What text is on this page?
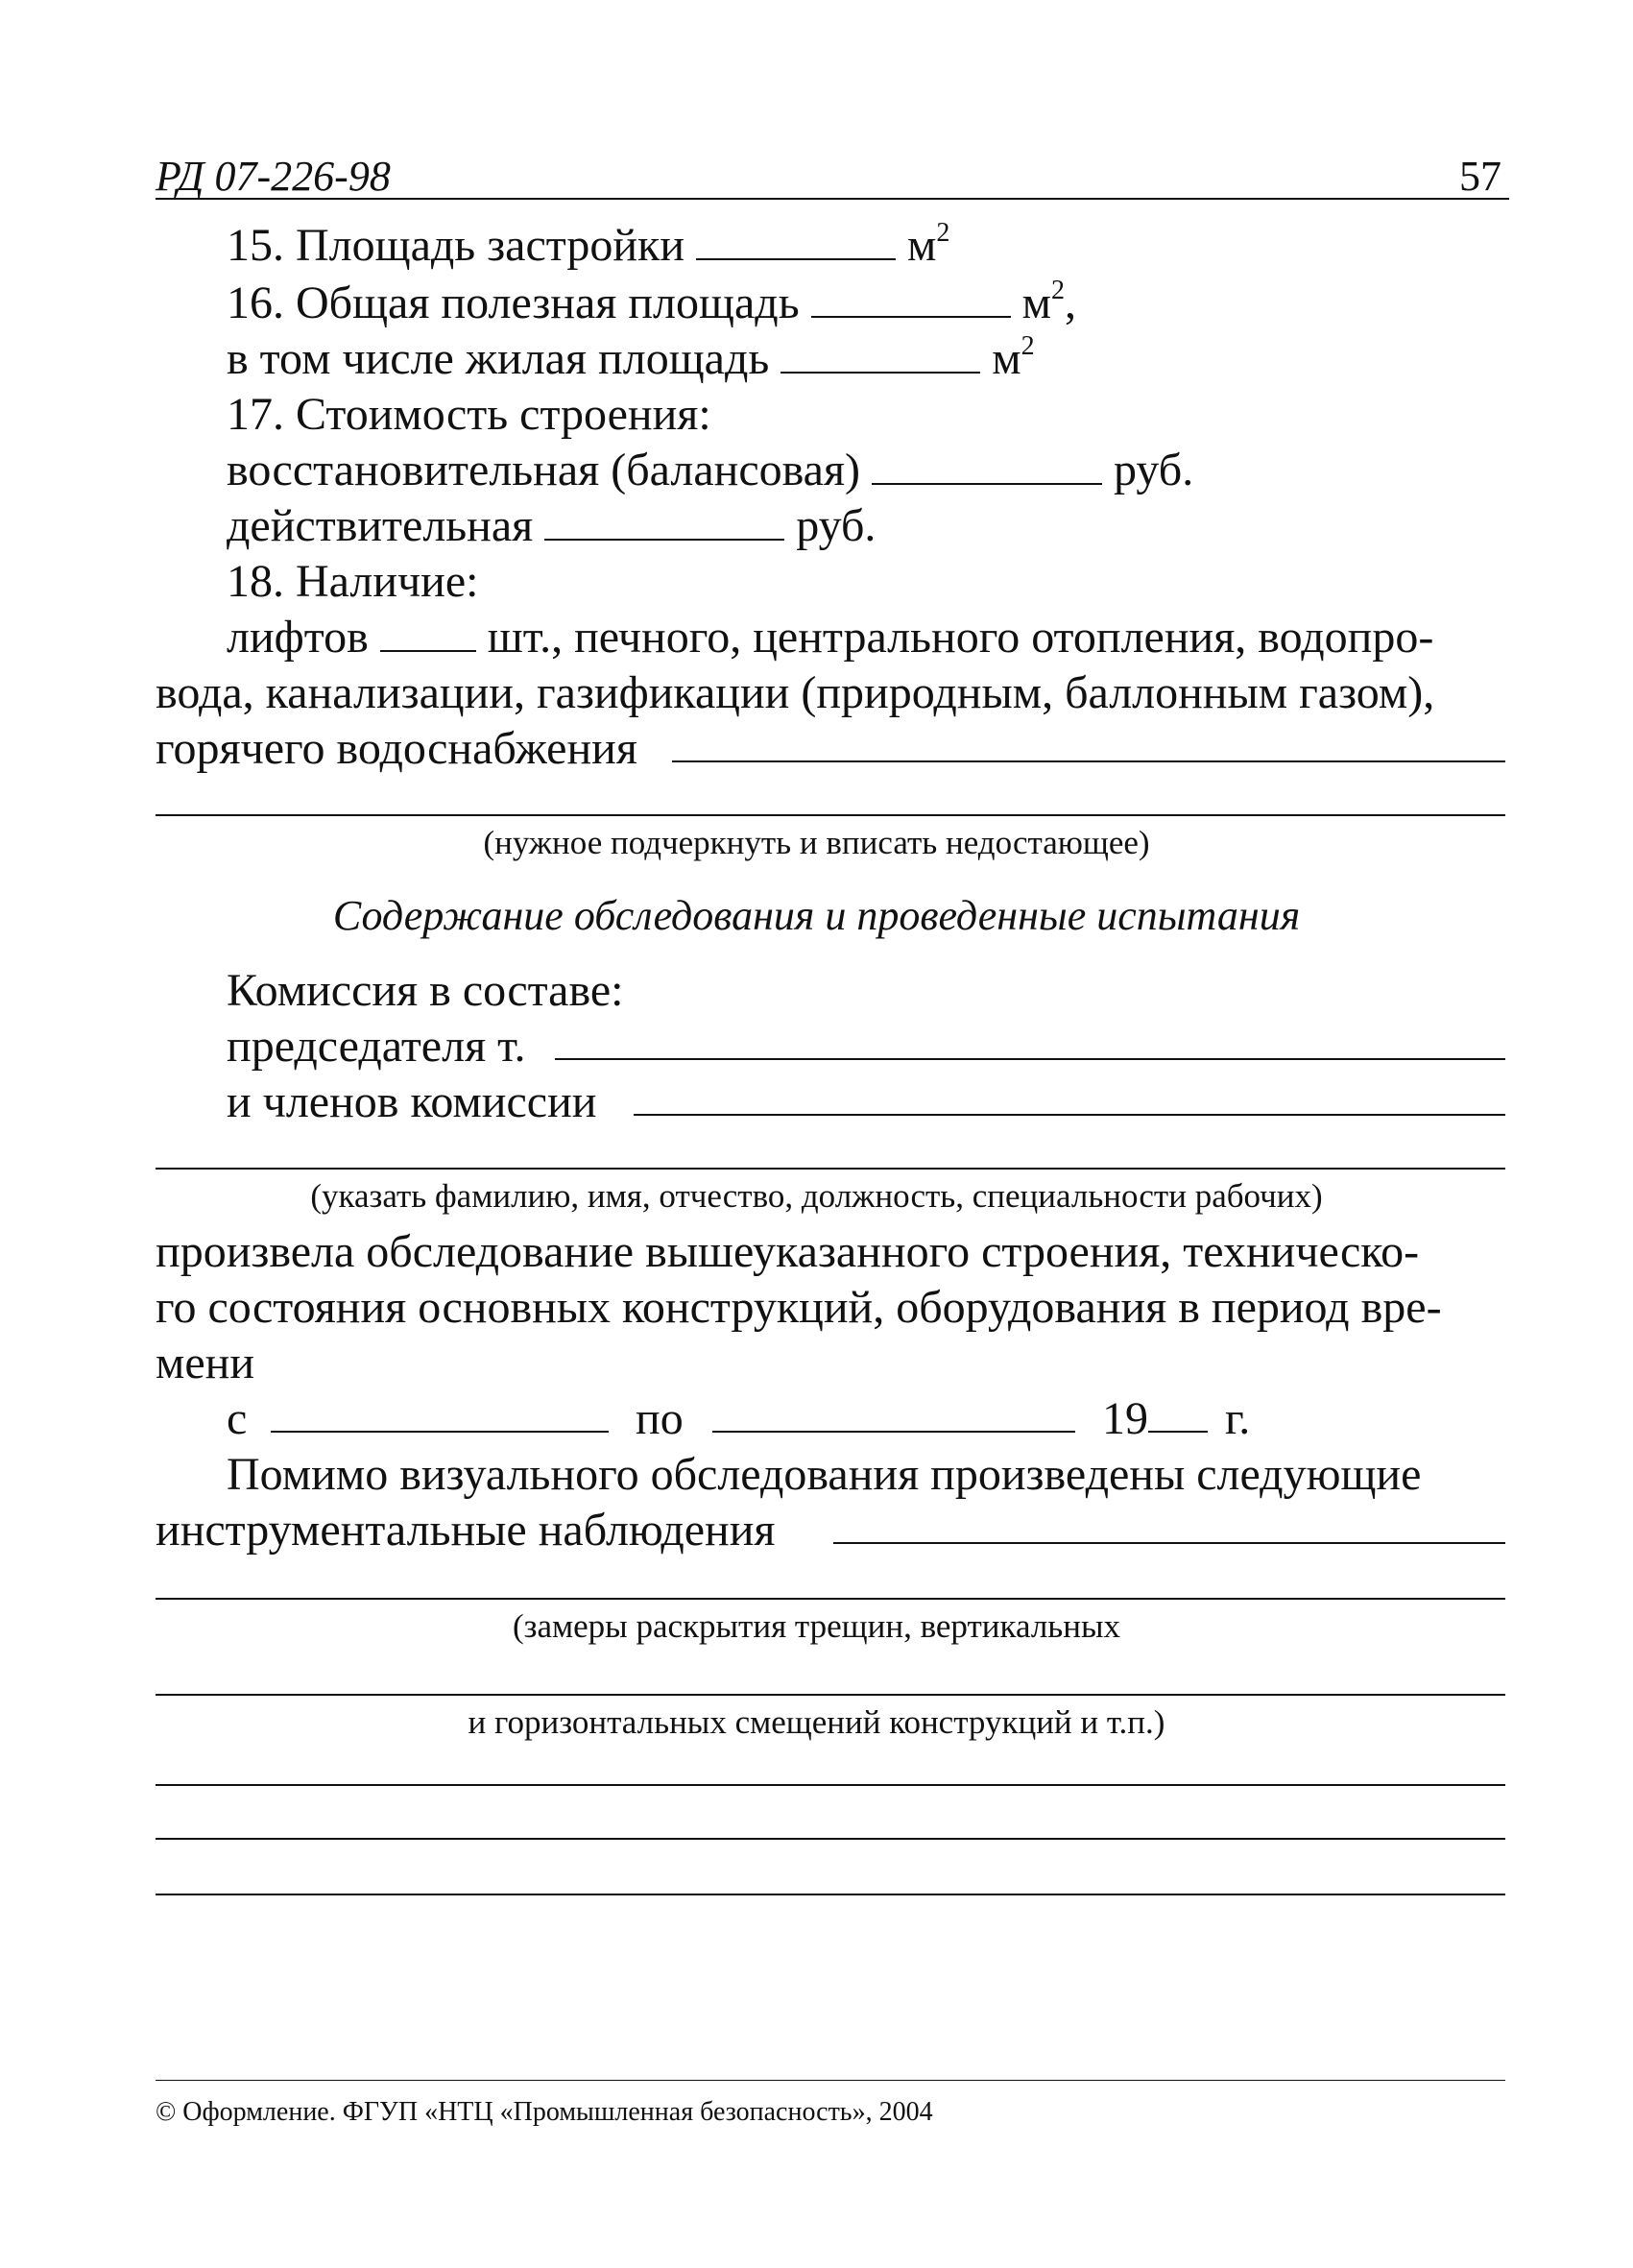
РД 07-226-98	57
15. Площадь застройки	$м^2$
16. Общая полезная площадь	$м^2$,
в том числе жилая площадь	$м^2$
17. Стоимость строения:
восстановительная (балансовая)	руб.
действительная	руб.
18. Наличие:
лифтов	шт., печного, центрального отопления, водопро-
вода, канализации, газификации (природным, баллонным газом),
горячего водоснабжения
(нужное подчеркнуть и вписать недостающее)
Содержание обследования и проведенные испытания
Комиссия в составе:
председателя т.
и членов комиссии
(указать фамилию, имя, отчество, должность, специальности рабочих)
произвела обследование вышеуказанного строения, техническо-
го состояния основных конструкций, оборудования в период вре-
мени
с	по	19 г.
Помимо визуального обследования произведены следующие
инструментальные наблюдения
(замеры раскрытия трещин, вертикальных
и горизонтальных смещений конструкций и т.п.)
© Оформление. ФГУП «НТЦ «Промышленная безопасность», 2004
